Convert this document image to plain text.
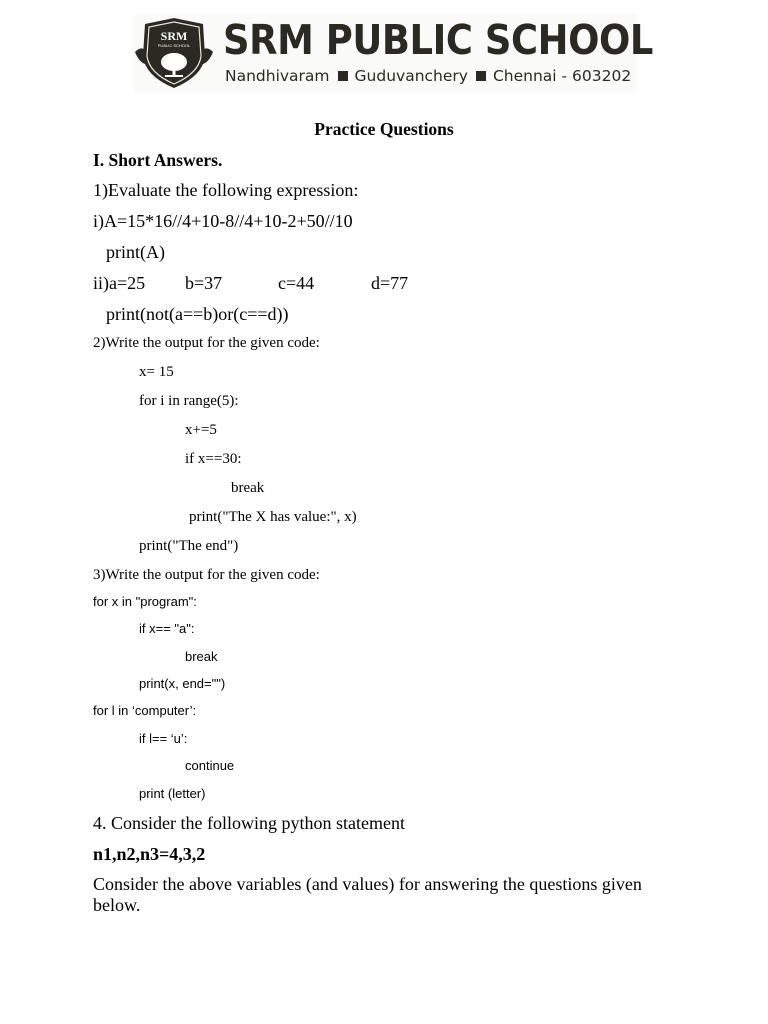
SRM
PUBLIC SCHOOL SRM PUBLIC SCHOOL
Nandhivaram Guduvanchery Chennai - 603202
Practice Questions
I. Short Answers.
1)Evaluate the following expression:
i)A=15*16//4+10-8//4+10-2+50//10
print(A)
ii)a=25 b=37	c=44	d=77
print(not(a==b)or(c==d))
2)Write the output for the given code:
x= 15
for i in range(5):
x+=5
if x==30:
break
print("The X has value:", x)
print("The end")
3)Write the output for the given code:
for x in "program":
if x== "a":
break
print(x, end="")
for l in ‘computer’:
if l== ‘u’:
continue
print (letter)
4. Consider the following python statement
n1,n2,n3=4,3,2
Consider the above variables (and values) for answering the questions given below.
